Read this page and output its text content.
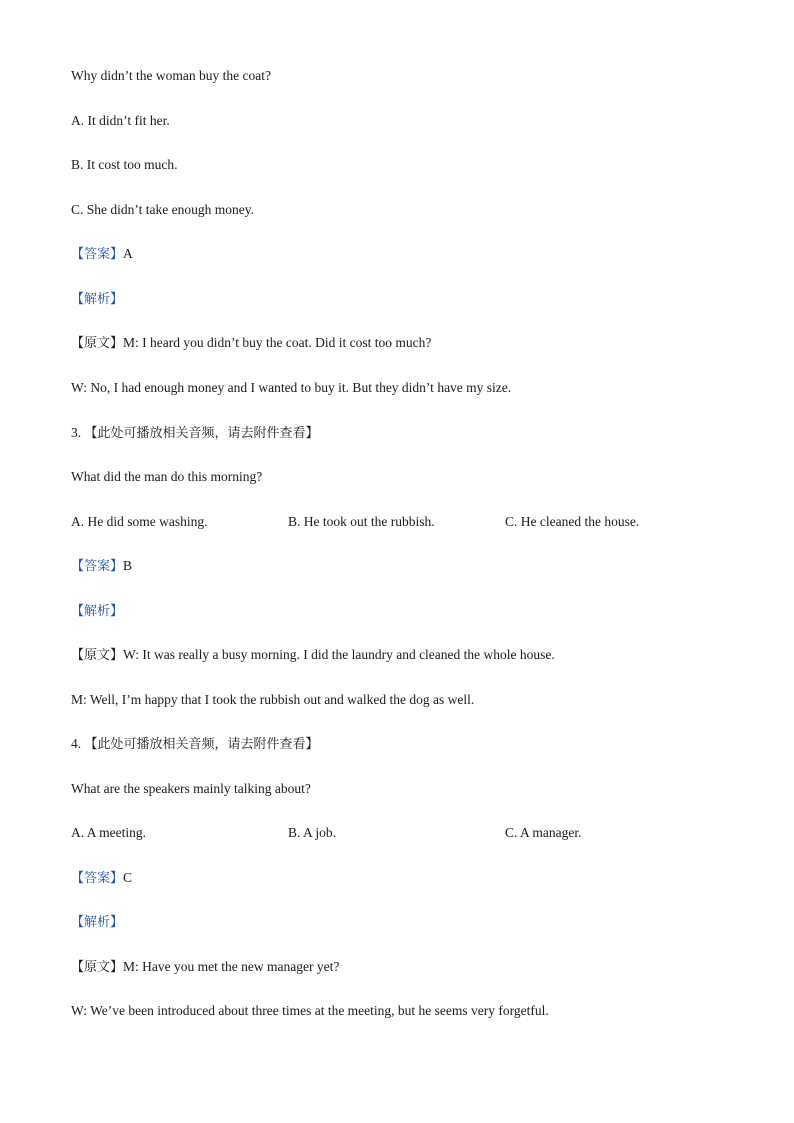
Why didn’t the woman buy the coat?
A. It didn’t fit her.
B. It cost too much.
C. She didn’t take enough money.
【答案】A
【解析】
【原文】M: I heard you didn’t buy the coat. Did it cost too much?
W: No, I had enough money and I wanted to buy it. But they didn’t have my size.
3. 【此处可播放相关音频，请去附件查看】
What did the man do this morning?
A. He did some washing.	B. He took out the rubbish.	C. He cleaned the house.
【答案】B
【解析】
【原文】W: It was really a busy morning. I did the laundry and cleaned the whole house.
M: Well, I’m happy that I took the rubbish out and walked the dog as well.
4. 【此处可播放相关音频，请去附件查看】
What are the speakers mainly talking about?
A. A meeting.	B. A job.	C. A manager.
【答案】C
【解析】
【原文】M: Have you met the new manager yet?
W: We’ve been introduced about three times at the meeting, but he seems very forgetful.
